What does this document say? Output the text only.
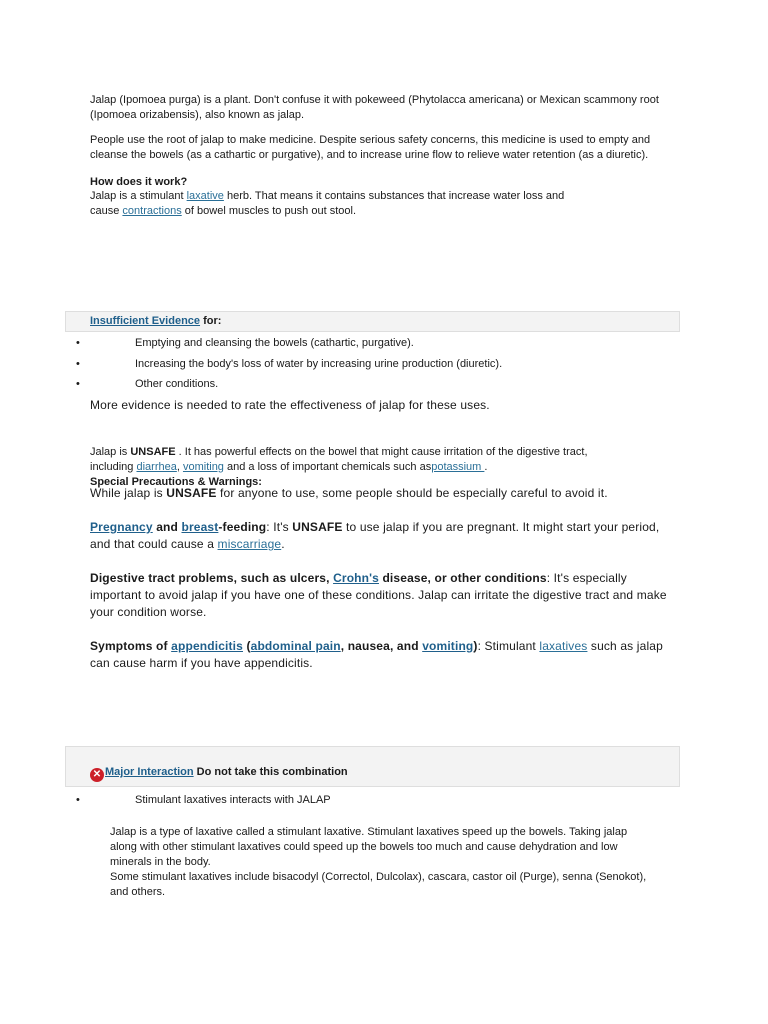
Jalap (Ipomoea purga) is a plant. Don't confuse it with pokeweed (Phytolacca americana) or Mexican scammony root (Ipomoea orizabensis), also known as jalap.
People use the root of jalap to make medicine. Despite serious safety concerns, this medicine is used to empty and cleanse the bowels (as a cathartic or purgative), and to increase urine flow to relieve water retention (as a diuretic).
How does it work?
Jalap is a stimulant laxative herb. That means it contains substances that increase water loss and
cause contractions of bowel muscles to push out stool.
Insufficient Evidence for:
•	Emptying and cleansing the bowels (cathartic, purgative).
•	Increasing the body's loss of water by increasing urine production (diuretic).
•	Other conditions.
More evidence is needed to rate the effectiveness of jalap for these uses.
Jalap is UNSAFE . It has powerful effects on the bowel that might cause irritation of the digestive tract,
including diarrhea, vomiting and a loss of important chemicals such aspotassium .
Special Precautions & Warnings:
While jalap is UNSAFE for anyone to use, some people should be especially careful to avoid it.
Pregnancy and breast-feeding: It's UNSAFE to use jalap if you are pregnant. It might start your period,
and that could cause a miscarriage.
Digestive tract problems, such as ulcers, Crohn's disease, or other conditions: It's especially
important to avoid jalap if you have one of these conditions. Jalap can irritate the digestive tract and make
your condition worse.
Symptoms of appendicitis (abdominal pain, nausea, and vomiting): Stimulant laxatives such as jalap
can cause harm if you have appendicitis.
✕ Major Interaction Do not take this combination
•	Stimulant laxatives interacts with JALAP
Jalap is a type of laxative called a stimulant laxative. Stimulant laxatives speed up the bowels. Taking jalap
along with other stimulant laxatives could speed up the bowels too much and cause dehydration and low
minerals in the body.
Some stimulant laxatives include bisacodyl (Correctol, Dulcolax), cascara, castor oil (Purge), senna (Senokot),
and others.
